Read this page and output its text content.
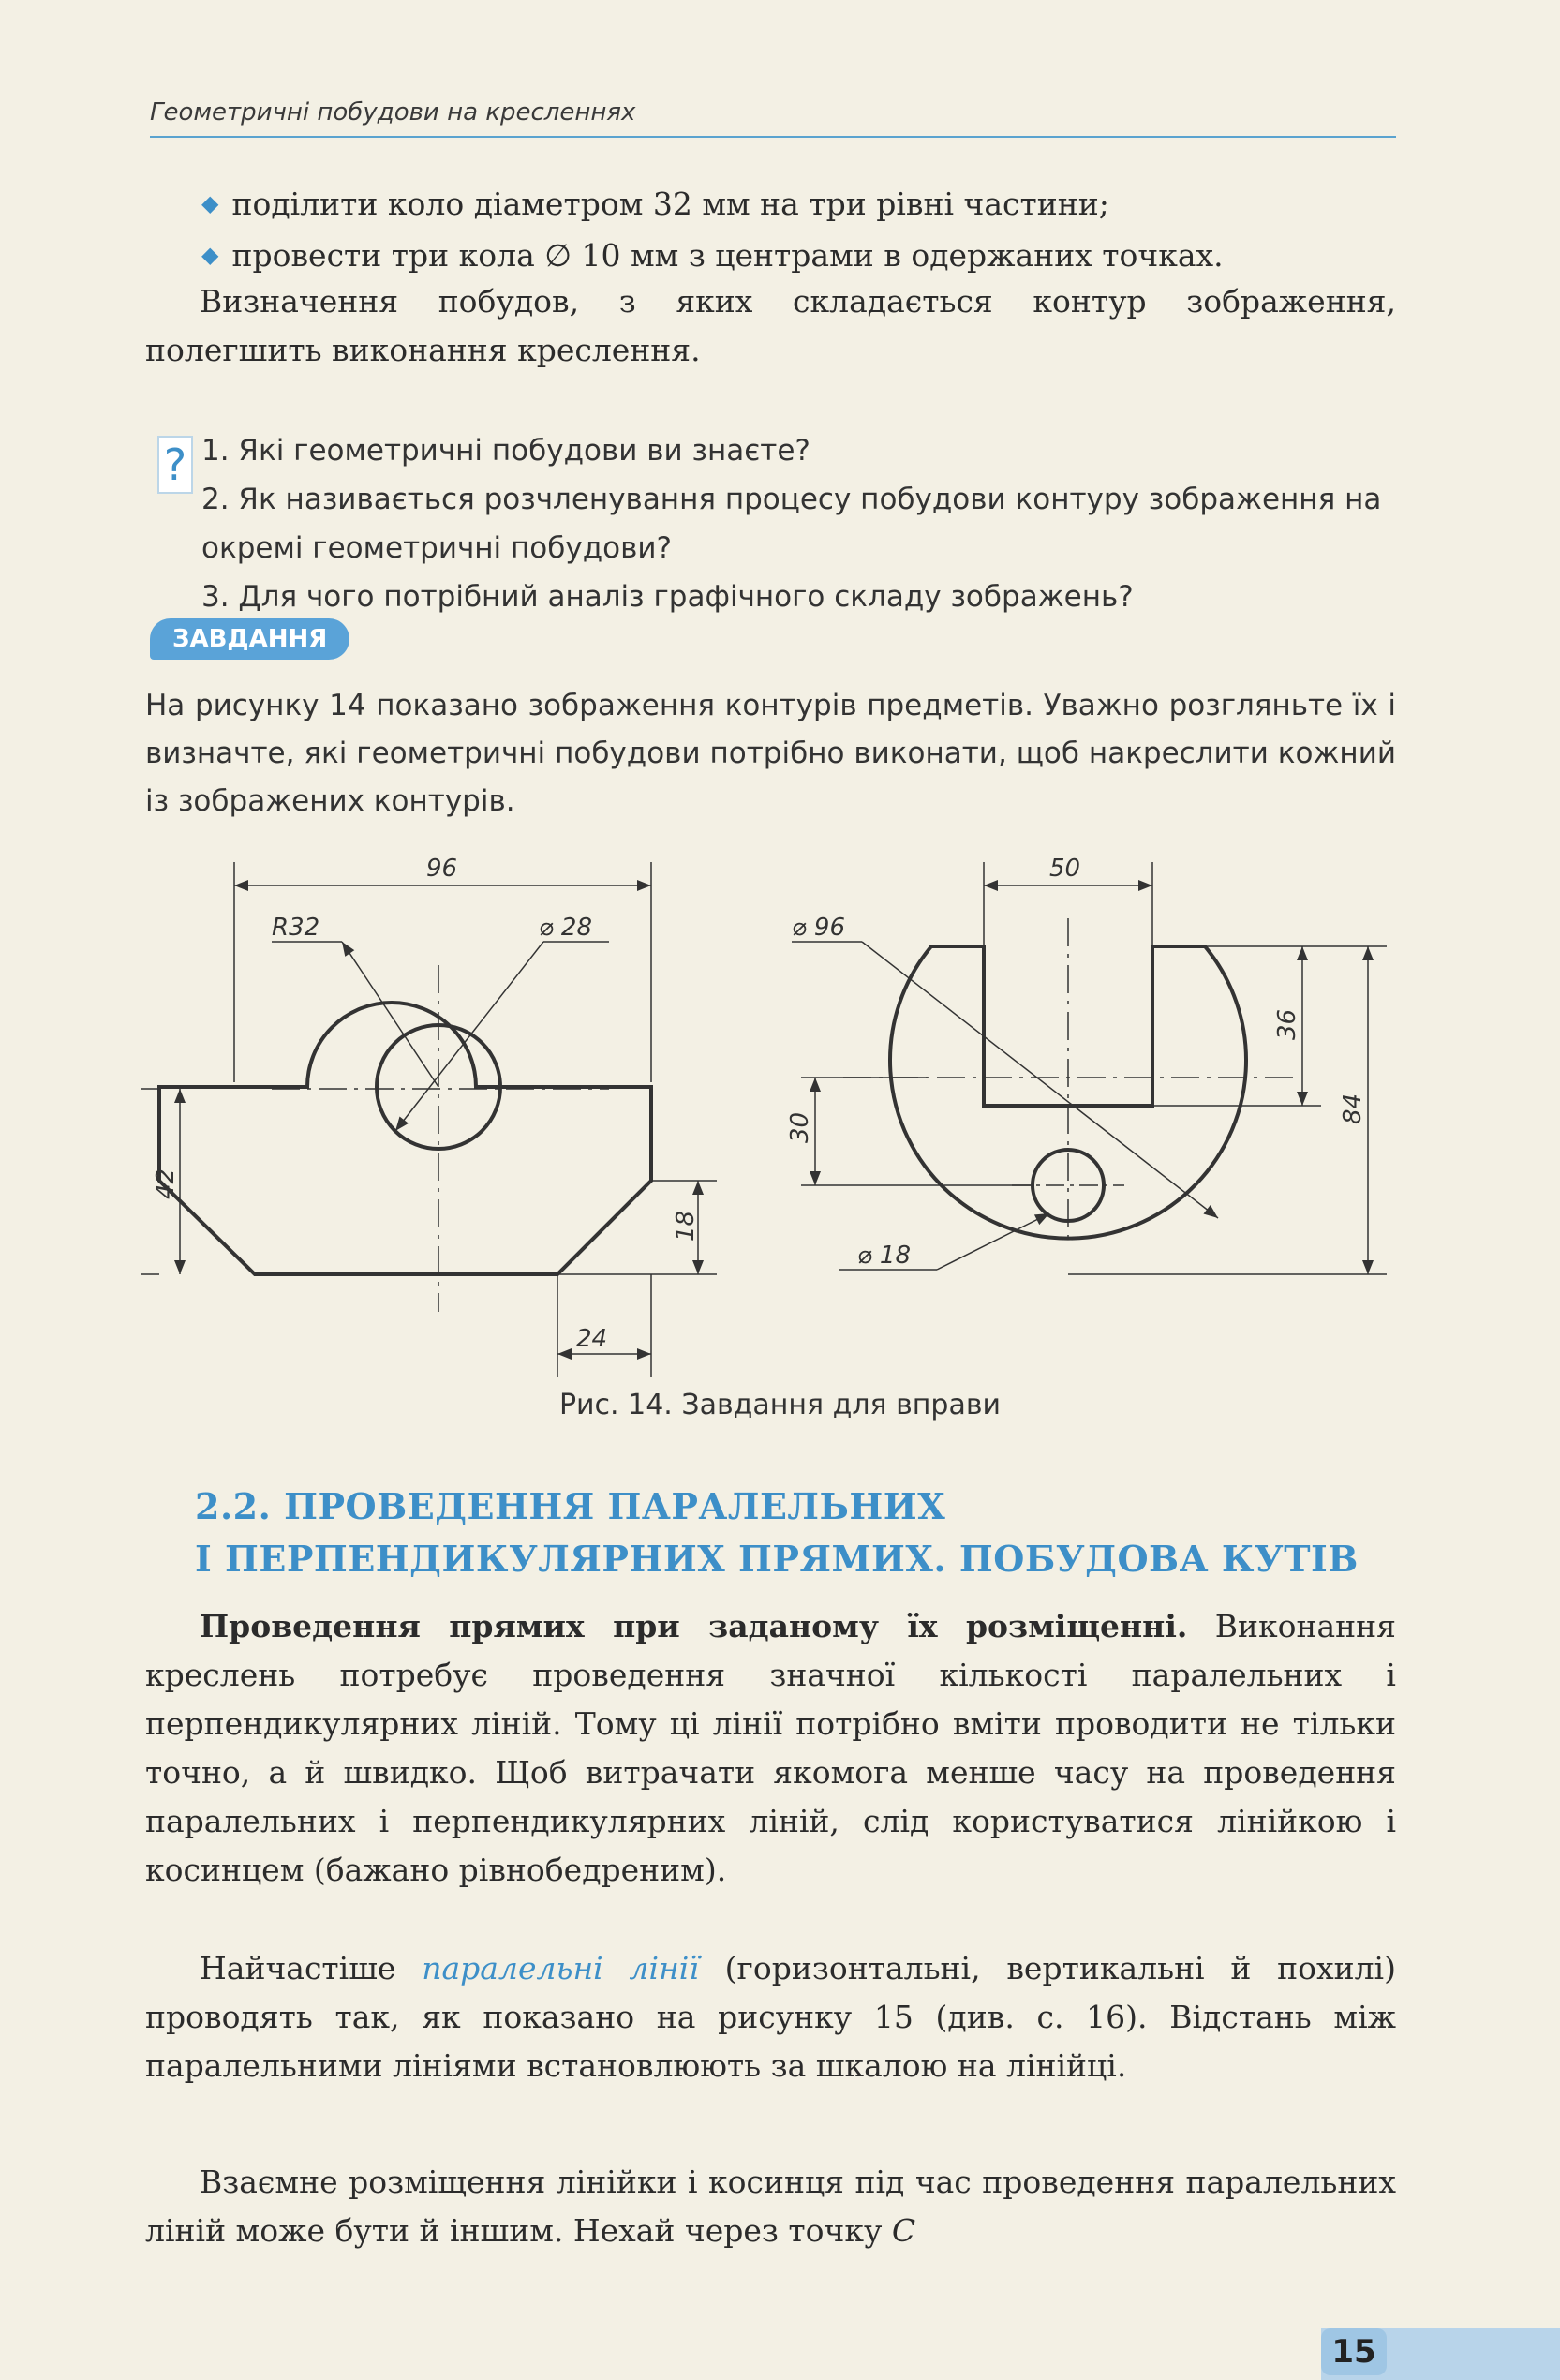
Геометричні побудови на кресленнях
◆ поділити коло діаметром 32 мм на три рівні частини;
◆ провести три кола ∅ 10 мм з центрами в одержаних точках.
Визначення побудов, з яких складається контур зображення, полегшить виконання креслення.
? 1. Які геометричні побудови ви знаєте?
2. Як називається розчленування процесу побудови контуру зображення на окремі геометричні побудови?
3. Для чого потрібний аналіз графічного складу зображень?
ЗАВДАННЯ
На рисунку 14 показано зображення контурів предметів. Уважно розгляньте їх і визначте, які геометричні побудови потрібно виконати, щоб накреслити кожний із зображених контурів.
96
R32	⌀ 28
42
18
24
50
⌀ 96
36
84
30
⌀ 18
Рис. 14. Завдання для вправи
2.2. ПРОВЕДЕННЯ ПАРАЛЕЛЬНИХ
І ПЕРПЕНДИКУЛЯРНИХ ПРЯМИХ. ПОБУДОВА КУТІВ
Проведення прямих при заданому їх розміщенні. Виконання креслень потребує проведення значної кількості паралельних і перпендикулярних ліній. Тому ці лінії потрібно вміти проводити не тільки точно, а й швидко. Щоб витрачати якомога менше часу на проведення паралельних і перпендикулярних ліній, слід користуватися лінійкою і косинцем (бажано рівнобедреним).
Найчастіше паралельні лінії (горизонтальні, вертикальні й похилі) проводять так, як показано на рисунку 15 (див. с. 16). Відстань між паралельними лініями встановлюють за шкалою на лінійці.
Взаємне розміщення лінійки і косинця під час проведення паралельних ліній може бути й іншим. Нехай через точку C
15
